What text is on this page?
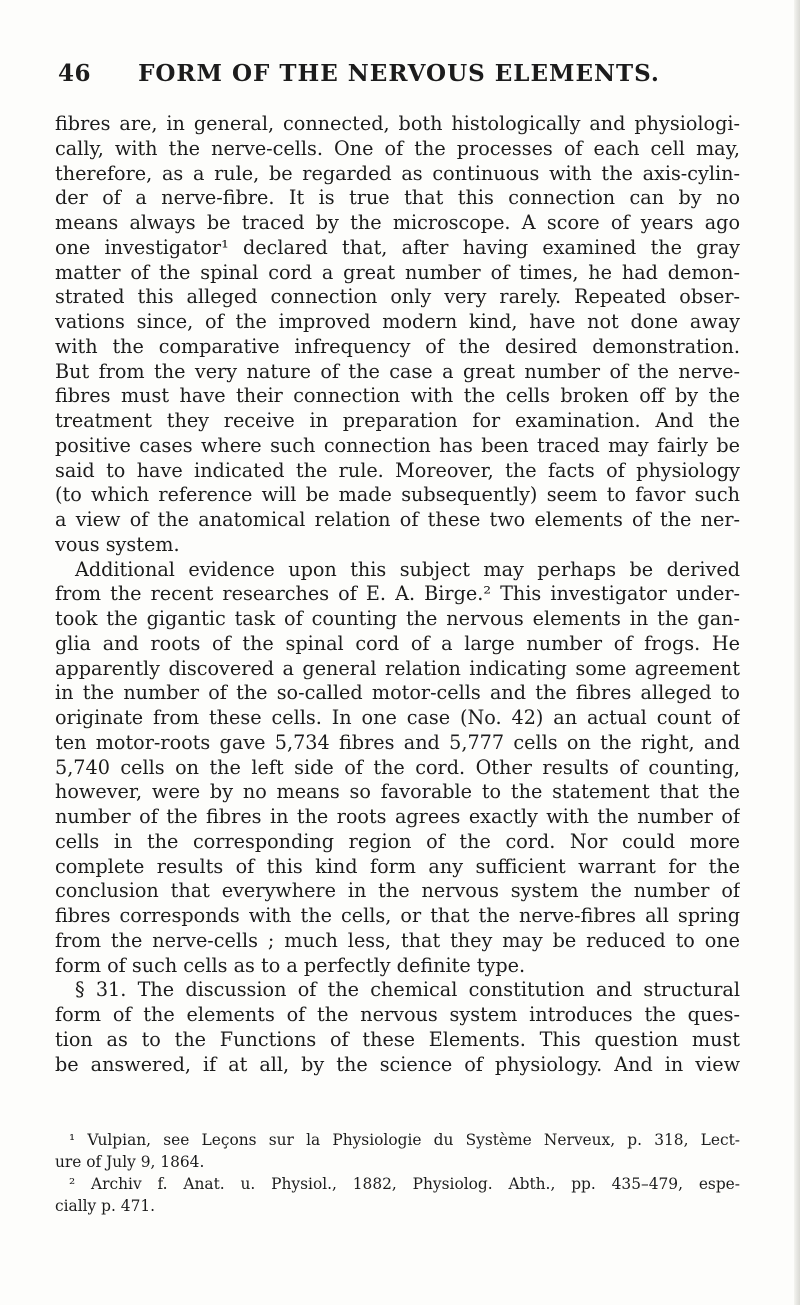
46	FORM OF THE NERVOUS ELEMENTS.
fibres are, in general, connected, both histologically and physiologi-
cally, with the nerve-cells. One of the processes of each cell may,
therefore, as a rule, be regarded as continuous with the axis-cylin-
der of a nerve-fibre. It is true that this connection can by no
means always be traced by the microscope. A score of years ago
one investigator¹ declared that, after having examined the gray
matter of the spinal cord a great number of times, he had demon-
strated this alleged connection only very rarely. Repeated obser-
vations since, of the improved modern kind, have not done away
with the comparative infrequency of the desired demonstration.
But from the very nature of the case a great number of the nerve-
fibres must have their connection with the cells broken off by the
treatment they receive in preparation for examination. And the
positive cases where such connection has been traced may fairly be
said to have indicated the rule. Moreover, the facts of physiology
(to which reference will be made subsequently) seem to favor such
a view of the anatomical relation of these two elements of the ner-
vous system.
Additional evidence upon this subject may perhaps be derived
from the recent researches of E. A. Birge.² This investigator under-
took the gigantic task of counting the nervous elements in the gan-
glia and roots of the spinal cord of a large number of frogs. He
apparently discovered a general relation indicating some agreement
in the number of the so-called motor-cells and the fibres alleged to
originate from these cells. In one case (No. 42) an actual count of
ten motor-roots gave 5,734 fibres and 5,777 cells on the right, and
5,740 cells on the left side of the cord. Other results of counting,
however, were by no means so favorable to the statement that the
number of the fibres in the roots agrees exactly with the number of
cells in the corresponding region of the cord. Nor could more
complete results of this kind form any sufficient warrant for the
conclusion that everywhere in the nervous system the number of
fibres corresponds with the cells, or that the nerve-fibres all spring
from the nerve-cells ; much less, that they may be reduced to one
form of such cells as to a perfectly definite type.
§ 31. The discussion of the chemical constitution and structural
form of the elements of the nervous system introduces the ques-
tion as to the Functions of these Elements. This question must
be answered, if at all, by the science of physiology. And in view
¹ Vulpian, see Leçons sur la Physiologie du Système Nerveux, p. 318, Lect-
ure of July 9, 1864.
² Archiv f. Anat. u. Physiol., 1882, Physiolog. Abth., pp. 435–479, espe-
cially p. 471.
